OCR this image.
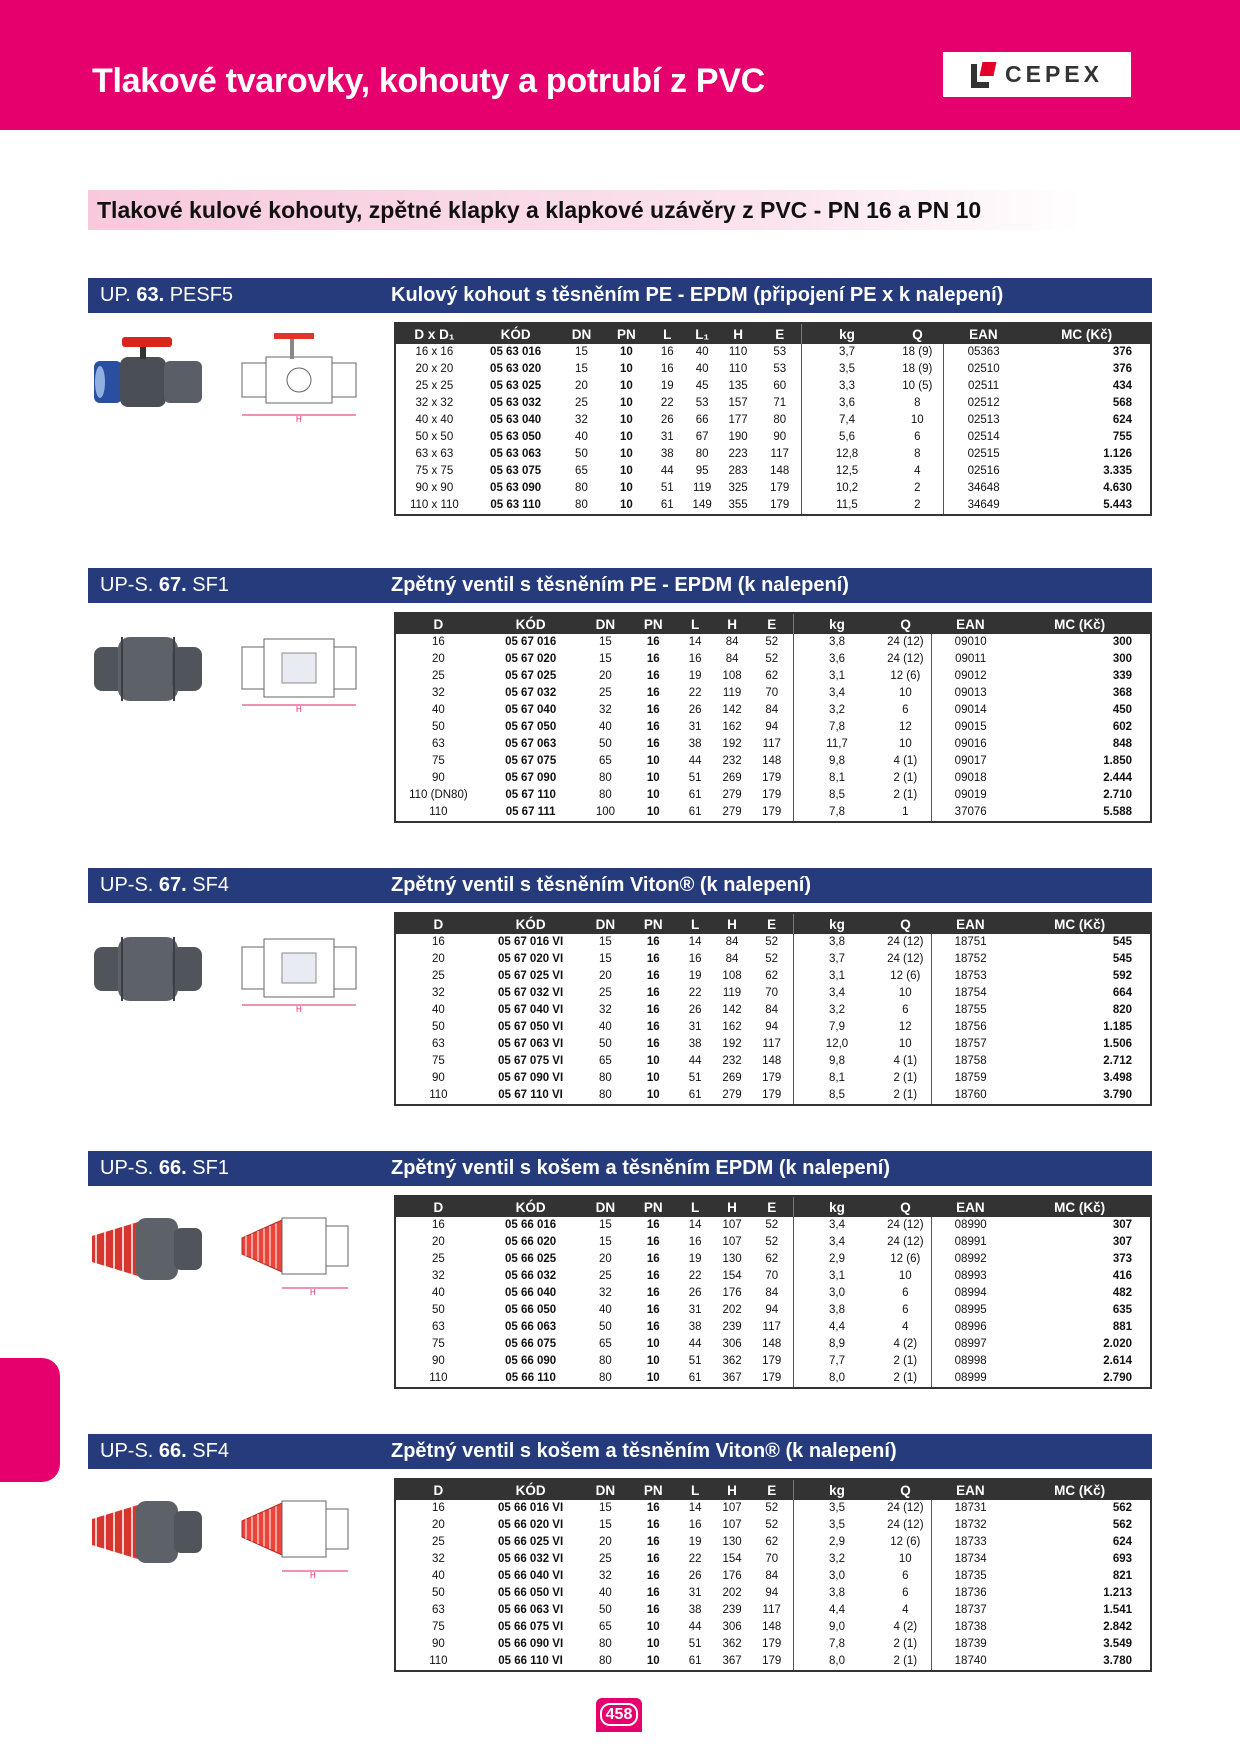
Tlakové tvarovky, kohouty a potrubí z PVC	CEPEX
Tlakové kulové kohouty, zpětné klapky a klapkové uzávěry z PVC - PN 16 a PN 10
UP. 63. PESF5	Kulový kohout s těsněním PE - EPDM (připojení PE x k nalepení)
H
D x D₁	KÓD	DN	PN	L	L₁	H	E	kg	Q	EAN	MC (Kč)
16 x 16	05 63 016	15	10	16	40	110	53	3,7	18 (9)	05363	376
20 x 20	05 63 020	15	10	16	40	110	53	3,5	18 (9)	02510	376
25 x 25	05 63 025	20	10	19	45	135	60	3,3	10 (5)	02511	434
32 x 32	05 63 032	25	10	22	53	157	71	3,6	8	02512	568
40 x 40	05 63 040	32	10	26	66	177	80	7,4	10	02513	624
50 x 50	05 63 050	40	10	31	67	190	90	5,6	6	02514	755
63 x 63	05 63 063	50	10	38	80	223	117	12,8	8	02515	1.126
75 x 75	05 63 075	65	10	44	95	283	148	12,5	4	02516	3.335
90 x 90	05 63 090	80	10	51	119	325	179	10,2	2	34648	4.630
110 x 110	05 63 110	80	10	61	149	355	179	11,5	2	34649	5.443
UP-S. 67. SF1	Zpětný ventil s těsněním PE - EPDM (k nalepení)
H
D	KÓD	DN	PN	L	H	E	kg	Q	EAN	MC (Kč)
16	05 67 016	15	16	14	84	52	3,8	24 (12)	09010	300
20	05 67 020	15	16	16	84	52	3,6	24 (12)	09011	300
25	05 67 025	20	16	19	108	62	3,1	12 (6)	09012	339
32	05 67 032	25	16	22	119	70	3,4	10	09013	368
40	05 67 040	32	16	26	142	84	3,2	6	09014	450
50	05 67 050	40	16	31	162	94	7,8	12	09015	602
63	05 67 063	50	16	38	192	117	11,7	10	09016	848
75	05 67 075	65	10	44	232	148	9,8	4 (1)	09017	1.850
90	05 67 090	80	10	51	269	179	8,1	2 (1)	09018	2.444
110 (DN80)	05 67 110	80	10	61	279	179	8,5	2 (1)	09019	2.710
110	05 67 111	100	10	61	279	179	7,8	1	37076	5.588
UP-S. 67. SF4	Zpětný ventil s těsněním Viton® (k nalepení)
H
D	KÓD	DN	PN	L	H	E	kg	Q	EAN	MC (Kč)
16	05 67 016 VI	15	16	14	84	52	3,8	24 (12)	18751	545
20	05 67 020 VI	15	16	16	84	52	3,7	24 (12)	18752	545
25	05 67 025 VI	20	16	19	108	62	3,1	12 (6)	18753	592
32	05 67 032 VI	25	16	22	119	70	3,4	10	18754	664
40	05 67 040 VI	32	16	26	142	84	3,2	6	18755	820
50	05 67 050 VI	40	16	31	162	94	7,9	12	18756	1.185
63	05 67 063 VI	50	16	38	192	117	12,0	10	18757	1.506
75	05 67 075 VI	65	10	44	232	148	9,8	4 (1)	18758	2.712
90	05 67 090 VI	80	10	51	269	179	8,1	2 (1)	18759	3.498
110	05 67 110 VI	80	10	61	279	179	8,5	2 (1)	18760	3.790
UP-S. 66. SF1	Zpětný ventil s košem a těsněním EPDM (k nalepení)
H
D	KÓD	DN	PN	L	H	E	kg	Q	EAN	MC (Kč)
16	05 66 016	15	16	14	107	52	3,4	24 (12)	08990	307
20	05 66 020	15	16	16	107	52	3,4	24 (12)	08991	307
25	05 66 025	20	16	19	130	62	2,9	12 (6)	08992	373
32	05 66 032	25	16	22	154	70	3,1	10	08993	416
40	05 66 040	32	16	26	176	84	3,0	6	08994	482
50	05 66 050	40	16	31	202	94	3,8	6	08995	635
63	05 66 063	50	16	38	239	117	4,4	4	08996	881
75	05 66 075	65	10	44	306	148	8,9	4 (2)	08997	2.020
90	05 66 090	80	10	51	362	179	7,7	2 (1)	08998	2.614
110	05 66 110	80	10	61	367	179	8,0	2 (1)	08999	2.790
UP-S. 66. SF4	Zpětný ventil s košem a těsněním Viton® (k nalepení)
H
D	KÓD	DN	PN	L	H	E	kg	Q	EAN	MC (Kč)
16	05 66 016 VI	15	16	14	107	52	3,5	24 (12)	18731	562
20	05 66 020 VI	15	16	16	107	52	3,5	24 (12)	18732	562
25	05 66 025 VI	20	16	19	130	62	2,9	12 (6)	18733	624
32	05 66 032 VI	25	16	22	154	70	3,2	10	18734	693
40	05 66 040 VI	32	16	26	176	84	3,0	6	18735	821
50	05 66 050 VI	40	16	31	202	94	3,8	6	18736	1.213
63	05 66 063 VI	50	16	38	239	117	4,4	4	18737	1.541
75	05 66 075 VI	65	10	44	306	148	9,0	4 (2)	18738	2.842
90	05 66 090 VI	80	10	51	362	179	7,8	2 (1)	18739	3.549
110	05 66 110 VI	80	10	61	367	179	8,0	2 (1)	18740	3.780
458
